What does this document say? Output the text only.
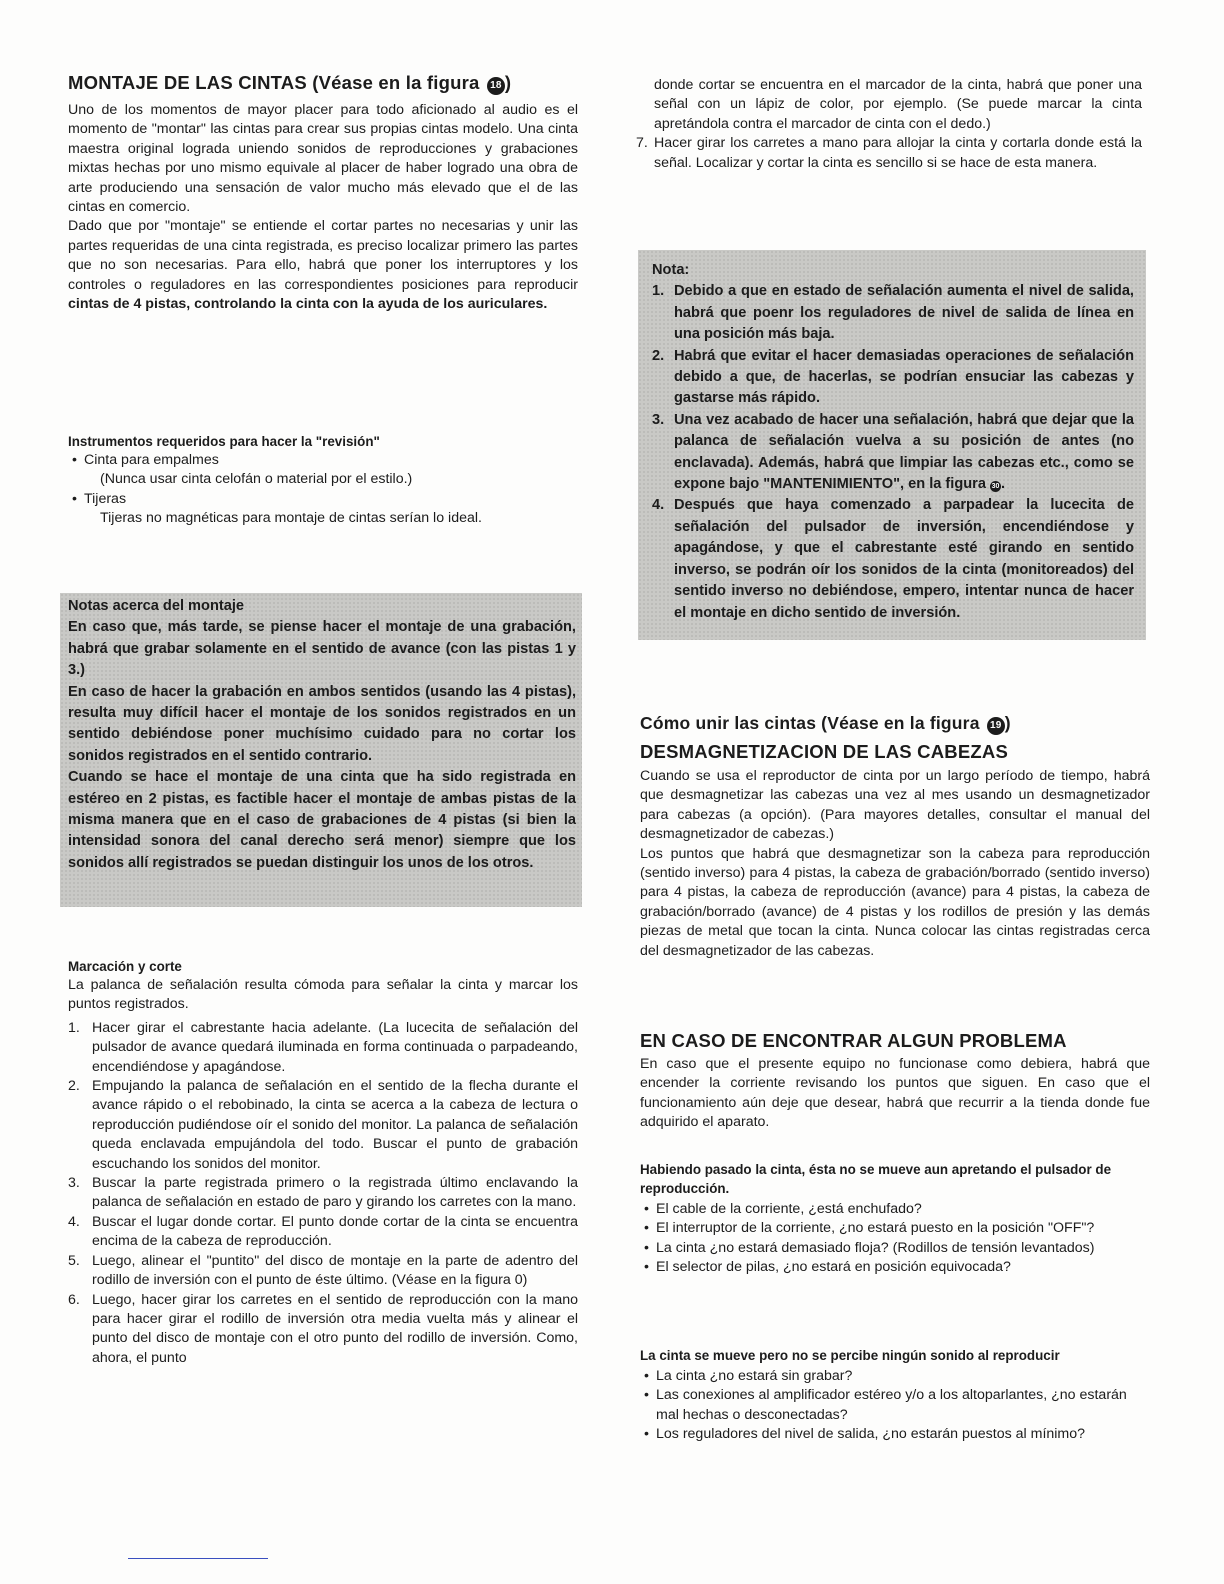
MONTAJE DE LAS CINTAS (Véase en la figura 18 )

Uno de los momentos de mayor placer para todo aficionado al audio es el momento de "montar" las cintas para crear sus propias cintas modelo. Una cinta maestra original lograda uniendo sonidos de reproducciones y grabaciones mixtas hechas por uno mismo equivale al placer de haber logrado una obra de arte produciendo una sensación de valor mucho más elevado que el de las cintas en comercio.

Dado que por "montaje" se entiende el cortar partes no necesarias y unir las partes requeridas de una cinta registrada, es preciso localizar primero las partes que no son necesarias. Para ello, habrá que poner los interruptores y los controles o reguladores en las correspondientes posiciones para reproducir cintas de 4 pistas, controlando la cinta con la ayuda de los auriculares.

Instrumentos requeridos para hacer la "revisión"
• Cinta para empalmes
(Nunca usar cinta celofán o material por el estilo.)
• Tijeras
Tijeras no magnéticas para montaje de cintas serían lo ideal.

Notas acerca del montaje

En caso que, más tarde, se piense hacer el montaje de una grabación, habrá que grabar solamente en el sentido de avance (con las pistas 1 y 3.)

En caso de hacer la grabación en ambos sentidos (usando las 4 pistas), resulta muy difícil hacer el montaje de los sonidos registrados en un sentido debiéndose poner muchísimo cuidado para no cortar los sonidos registrados en el sentido contrario.

Cuando se hace el montaje de una cinta que ha sido registrada en estéreo en 2 pistas, es factible hacer el montaje de ambas pistas de la misma manera que en el caso de grabaciones de 4 pistas (si bien la intensidad sonora del canal derecho será menor) siempre que los sonidos allí registrados se puedan distinguir los unos de los otros.

Marcación y corte

La palanca de señalación resulta cómoda para señalar la cinta y marcar los puntos registrados.

1. Hacer girar el cabrestante hacia adelante. (La lucecita de señalación del pulsador de avance quedará iluminada en forma continuada o parpadeando, encendiéndose y apagándose.
2. Empujando la palanca de señalación en el sentido de la flecha durante el avance rápido o el rebobinado, la cinta se acerca a la cabeza de lectura o reproducción pudiéndose oír el sonido del monitor. La palanca de señalación queda enclavada empujándola del todo. Buscar el punto de grabación escuchando los sonidos del monitor.
3. Buscar la parte registrada primero o la registrada último enclavando la palanca de señalación en estado de paro y girando los carretes con la mano.
4. Buscar el lugar donde cortar. El punto donde cortar de la cinta se encuentra encima de la cabeza de reproducción.
5. Luego, alinear el "puntito" del disco de montaje en la parte de adentro del rodillo de inversión con el punto de éste último. (Véase en la figura 0)
6. Luego, hacer girar los carretes en el sentido de reproducción con la mano para hacer girar el rodillo de inversión otra media vuelta más y alinear el punto del disco de montaje con el otro punto del rodillo de inversión. Como, ahora, el punto

donde cortar se encuentra en el marcador de la cinta, habrá que poner una señal con un lápiz de color, por ejemplo. (Se puede marcar la cinta apretándola contra el marcador de cinta con el dedo.)

7. Hacer girar los carretes a mano para allojar la cinta y cortarla donde está la señal. Localizar y cortar la cinta es sencillo si se hace de esta manera.

Nota:

1. Debido a que en estado de señalación aumenta el nivel de salida, habrá que poenr los reguladores de nivel de salida de línea en una posición más baja.
2. Habrá que evitar el hacer demasiadas operaciones de señalación debido a que, de hacerlas, se podrían ensuciar las cabezas y gastarse más rápido.
3. Una vez acabado de hacer una señalación, habrá que dejar que la palanca de señalación vuelva a su posición de antes (no enclavada). Además, habrá que limpiar las cabezas etc., como se expone bajo "MANTENIMIENTO", en la figura 30 .
4. Después que haya comenzado a parpadear la lucecita de señalación del pulsador de inversión, encendiéndose y apagándose, y que el cabrestante esté girando en sentido inverso, se podrán oír los sonidos de la cinta (monitoreados) del sentido inverso no debiéndose, empero, intentar nunca de hacer el montaje en dicho sentido de inversión.
Cómo unir las cintas (Véase en la figura 19 )
DESMAGNETIZACION DE LAS CABEZAS

Cuando se usa el reproductor de cinta por un largo período de tiempo, habrá que desmagnetizar las cabezas una vez al mes usando un desmagnetizador para cabezas (a opción). (Para mayores detalles, consultar el manual del desmagnetizador de cabezas.)

Los puntos que habrá que desmagnetizar son la cabeza para reproducción (sentido inverso) para 4 pistas, la cabeza de grabación/borrado (sentido inverso) para 4 pistas, la cabeza de reproducción (avance) para 4 pistas, la cabeza de grabación/borrado (avance) de 4 pistas y los rodillos de presión y las demás piezas de metal que tocan la cinta. Nunca colocar las cintas registradas cerca del desmagnetizador de las cabezas.

EN CASO DE ENCONTRAR ALGUN PROBLEMA

En caso que el presente equipo no funcionase como debiera, habrá que encender la corriente revisando los puntos que siguen. En caso que el funcionamiento aún deje que desear, habrá que recurrir a la tienda donde fue adquirido el aparato.

Habiendo pasado la cinta, ésta no se mueve aun apretando el pulsador de reproducción.
• El cable de la corriente, ¿está enchufado?
• El interruptor de la corriente, ¿no estará puesto en la posición "OFF"?
• La cinta ¿no estará demasiado floja? (Rodillos de tensión levantados)
• El selector de pilas, ¿no estará en posición equivocada?
La cinta se mueve pero no se percibe ningún sonido al reproducir
• La cinta ¿no estará sin grabar?
• Las conexiones al amplificador estéreo y/o a los altoparlantes, ¿no estarán mal hechas o desconectadas?
• Los reguladores del nivel de salida, ¿no estarán puestos al mínimo?
